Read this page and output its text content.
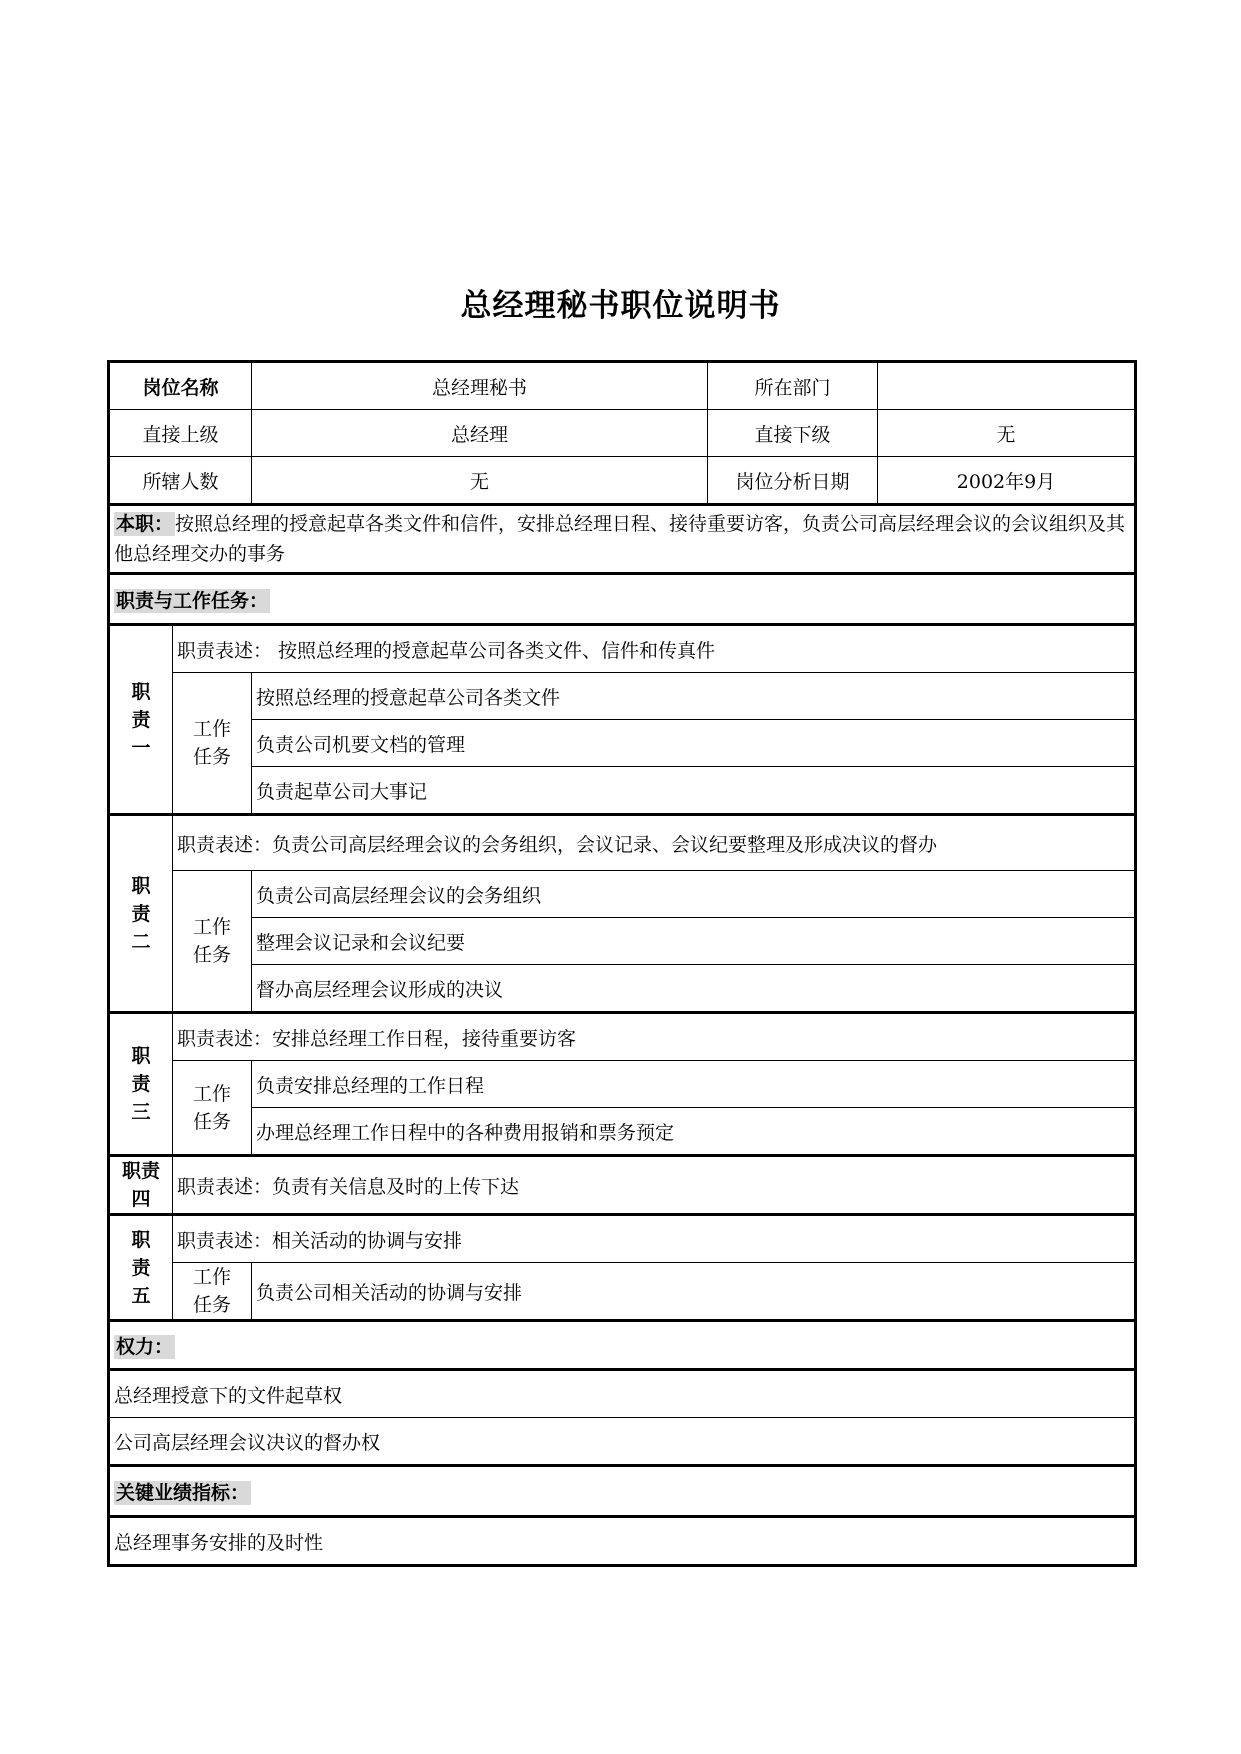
总经理秘书职位说明书
岗位名称		总经理秘书	所在部门	
直接上级		总经理	直接下级	无
所辖人数		无	岗位分析日期	2002年9月
本职： 按照总经理的授意起草各类文件和信件，安排总经理日程、接待重要访客，负责公司高层经理会议的会议组织及其他总经理交办的事务				
职责与工作任务：				
职
责
一	职责表述： 按照总经理的授意起草公司各类文件、信件和传真件			
	工作
任务	按照总经理的授意起草公司各类文件		
		负责公司机要文档的管理		
		负责起草公司大事记		
职
责
二	职责表述：负责公司高层经理会议的会务组织，会议记录、会议纪要整理及形成决议的督办			
	工作
任务	负责公司高层经理会议的会务组织		
		整理会议记录和会议纪要		
		督办高层经理会议形成的决议		
职
责
三	职责表述：安排总经理工作日程，接待重要访客			
	工作
任务	负责安排总经理的工作日程		
		办理总经理工作日程中的各种费用报销和票务预定		
职责
四	职责表述：负责有关信息及时的上传下达			
职
责
五	职责表述：相关活动的协调与安排			
	工作
任务	负责公司相关活动的协调与安排		
权力：				
总经理授意下的文件起草权				
公司高层经理会议决议的督办权				
关键业绩指标：				
总经理事务安排的及时性				
